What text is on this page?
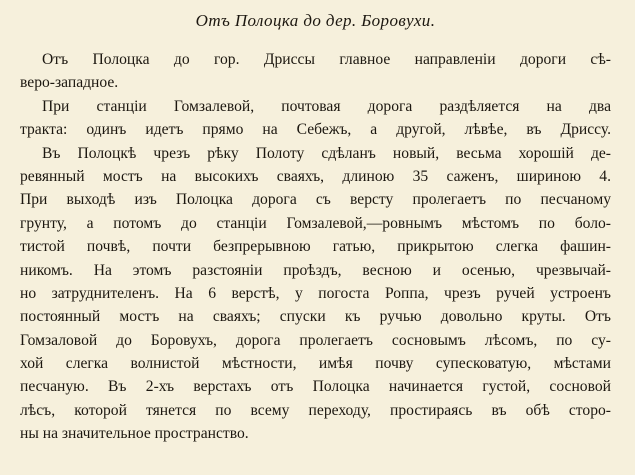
Отъ Полоцка до дер. Боровухи.
Отъ Полоцка до гор. Дриссы главное направленіи дороги сѣ-
веро-западное.
При станціи Гомзалевой, почтовая дорога раздѣляется на два
тракта: одинъ идетъ прямо на Себежъ, а другой, лѣвѣе, въ Дриссу.
Въ Полоцкѣ чрезъ рѣку Полоту сдѣланъ новый, весьма хорошій де-
ревянный мостъ на высокихъ сваяхъ, длиною 35 саженъ, шириною 4.
При выходѣ изъ Полоцка дорога съ версту пролегаетъ по песчаному
грунту, а потомъ до станціи Гомзалевой,—ровнымъ мѣстомъ по боло-
тистой почвѣ, почти безпрерывною гатью, прикрытою слегка фашин-
никомъ. На этомъ разстояніи проѣздъ, весною и осенью, чрезвычай-
но затруднителенъ. На 6 верстѣ, у погоста Роппа, чрезъ ручей устроенъ
постоянный мостъ на сваяхъ; спуски къ ручью довольно круты. Отъ
Гомзаловой до Боровухъ, дорога пролегаетъ сосновымъ лѣсомъ, по су-
хой слегка волнистой мѣстности, имѣя почву супесковатую, мѣстами
песчаную. Въ 2-хъ верстахъ отъ Полоцка начинается густой, сосновой
лѣсъ, которой тянется по всему переходу, простираясь въ обѣ сторо-
ны на значительное пространство.
